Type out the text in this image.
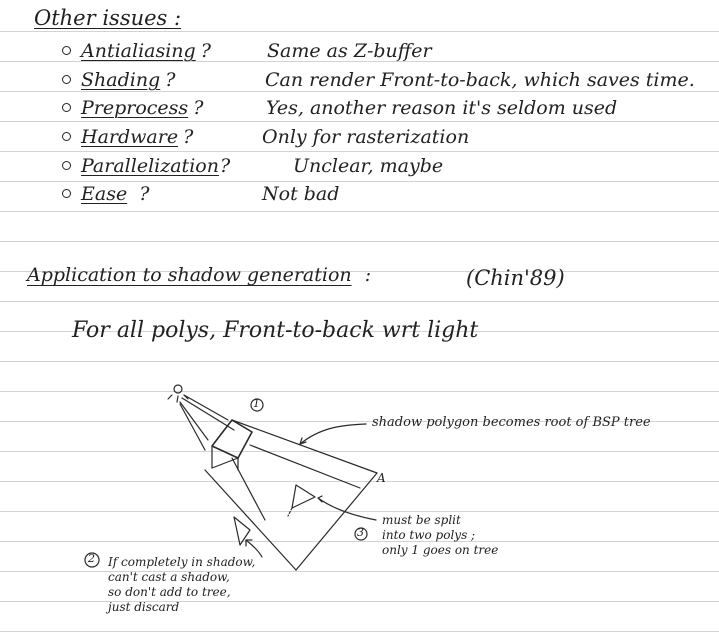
Other issues :
Antialiasing ?	Same as Z-buffer
Shading ?	Can render Front-to-back, which saves time.
Preprocess ?	Yes, another reason it's seldom used
Hardware ?	Only for rasterization
Parallelization?	Unclear, maybe
Ease ?	Not bad
Application to shadow generation :	(Chin'89)
For all polys, Front-to-back wrt light
1
2
3
A
shadow polygon becomes root of BSP tree
must be split
into two polys ;
only 1 goes on tree
If completely in shadow,
can't cast a shadow,
so don't add to tree,
just discard
